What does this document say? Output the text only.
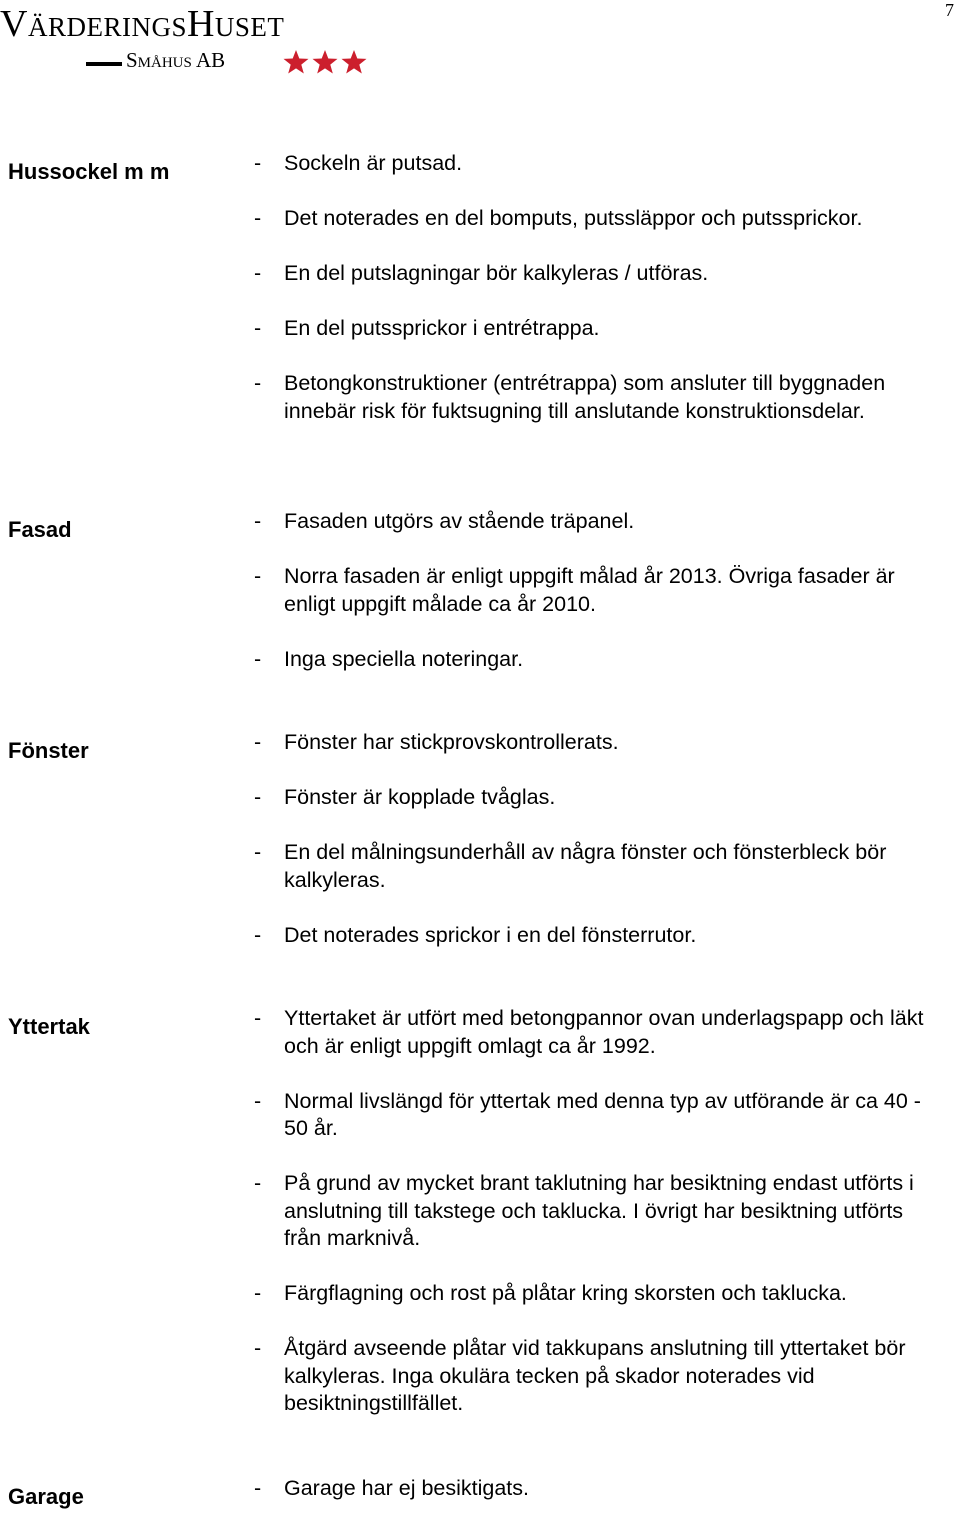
7
VärderingsHuset
Småhus AB
Hussockel m m	- Sockeln är putsad.
- Det noterades en del bomputs, putssläppor och putssprickor.
- En del putslagningar bör kalkyleras / utföras.
- En del putssprickor i entrétrappa.
- Betongkonstruktioner (entrétrappa) som ansluter till byggnaden innebär risk för fuktsugning till anslutande konstruktionsdelar.
Fasad	- Fasaden utgörs av stående träpanel.
- Norra fasaden är enligt uppgift målad år 2013. Övriga fasader är enligt uppgift målade ca år 2010.
- Inga speciella noteringar.
Fönster	- Fönster har stickprovskontrollerats.
- Fönster är kopplade tvåglas.
- En del målningsunderhåll av några fönster och fönsterbleck bör kalkyleras.
- Det noterades sprickor i en del fönsterrutor.
Yttertak	- Yttertaket är utfört med betongpannor ovan underlagspapp och läkt och är enligt uppgift omlagt ca år 1992.
- Normal livslängd för yttertak med denna typ av utförande är ca 40 - 50 år.
- På grund av mycket brant taklutning har besiktning endast utförts i anslutning till takstege och taklucka. I övrigt har besiktning utförts från marknivå.
- Färgflagning och rost på plåtar kring skorsten och taklucka.
- Åtgärd avseende plåtar vid takkupans anslutning till yttertaket bör kalkyleras. Inga okulära tecken på skador noterades vid besiktningstillfället.
Garage	- Garage har ej besiktigats.
